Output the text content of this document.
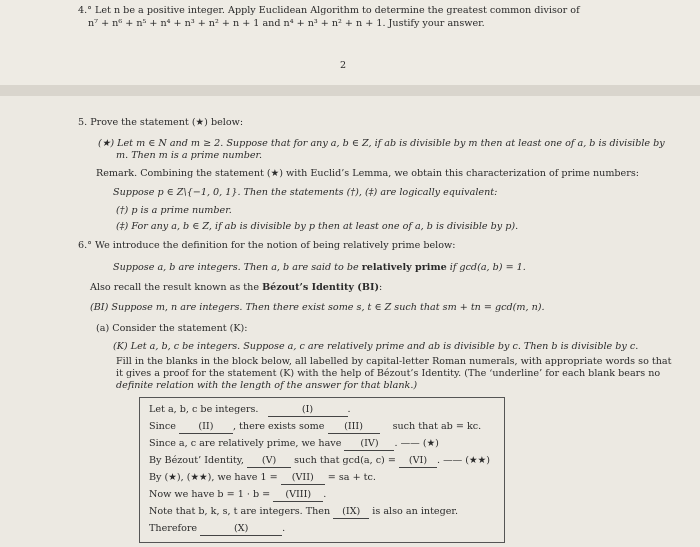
4.° Let n be a positive integer. Apply Euclidean Algorithm to determine the greatest common divisor of
n⁷ + n⁶ + n⁵ + n⁴ + n³ + n² + n + 1 and n⁴ + n³ + n² + n + 1. Justify your answer.
2
5. Prove the statement (★) below:
(★) Let m ∈ N and m ≥ 2. Suppose that for any a, b ∈ Z, if ab is divisible by m then at least one of a, b is divisible by
m. Then m is a prime number.
Remark. Combining the statement (★) with Euclid’s Lemma, we obtain this characterization of prime numbers:
Suppose p ∈ Z\{−1, 0, 1}. Then the statements (†), (‡) are logically equivalent:
(†) p is a prime number.
(‡) For any a, b ∈ Z, if ab is divisible by p then at least one of a, b is divisible by p).
6.° We introduce the definition for the notion of being relatively prime below:
Suppose a, b are integers. Then a, b are said to be relatively prime if gcd(a, b) = 1.
Also recall the result known as the Bézout’s Identity (BI):
(BI) Suppose m, n are integers. Then there exist some s, t ∈ Z such that sm + tn = gcd(m, n).
(a) Consider the statement (K):
(K) Let a, b, c be integers. Suppose a, c are relatively prime and ab is divisible by c. Then b is divisible by c.
Fill in the blanks in the block below, all labelled by capital-letter Roman numerals, with appropriate words so that
it gives a proof for the statement (K) with the help of Bézout’s Identity. (The ‘underline’ for each blank bears no
definite relation with the length of the answer for that blank.)
Let a, b, c be integers.	(I)	.
Since (II) , there exists some (III)	such that ab = kc.
Since a, c are relatively prime, we have (IV) . —— (★)
By Bézout’ Identity, (V) such that gcd(a, c) = (VI) . —— (★★)
By (★), (★★), we have 1 = (VII) = sa + tc.
Now we have b = 1 · b = (VIII) .
Note that b, k, s, t are integers. Then (IX) is also an integer.
Therefore	(X)	.
